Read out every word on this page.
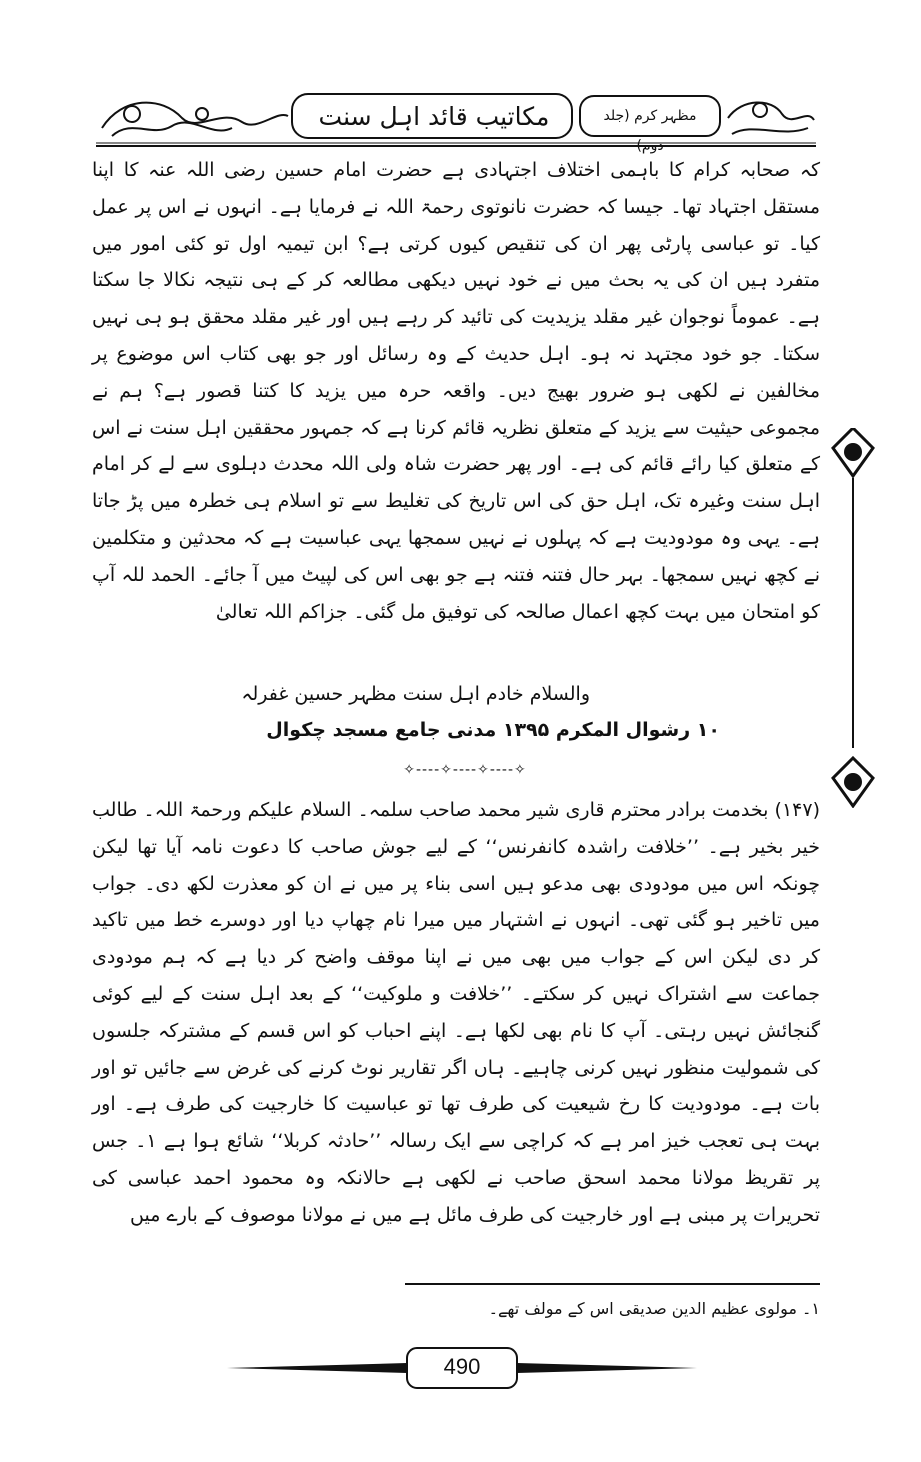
مظہر کرم (جلد دوم)
مکاتیب قائد اہل سنت

کہ صحابہ کرام کا باہمی اختلاف اجتہادی ہے حضرت امام حسین رضی اللہ عنہ کا اپنا مستقل اجتہاد تھا۔ جیسا کہ حضرت نانوتوی رحمۃ اللہ نے فرمایا ہے۔ انہوں نے اس پر عمل کیا۔ تو عباسی پارٹی پھر ان کی تنقیص کیوں کرتی ہے؟ ابن تیمیہ اول تو کئی امور میں متفرد ہیں ان کی یہ بحث میں نے خود نہیں دیکھی مطالعہ کر کے ہی نتیجہ نکالا جا سکتا ہے۔ عموماً نوجوان غیر مقلد یزیدیت کی تائید کر رہے ہیں اور غیر مقلد محقق ہو ہی نہیں سکتا۔ جو خود مجتہد نہ ہو۔ اہل حدیث کے وہ رسائل اور جو بھی کتاب اس موضوع پر مخالفین نے لکھی ہو ضرور بھیج دیں۔ واقعہ حرہ میں یزید کا کتنا قصور ہے؟ ہم نے مجموعی حیثیت سے یزید کے متعلق نظریہ قائم کرنا ہے کہ جمہور محققین اہل سنت نے اس کے متعلق کیا رائے قائم کی ہے۔ اور پھر حضرت شاہ ولی اللہ محدث دہلوی سے لے کر امام اہل سنت وغیرہ تک، اہل حق کی اس تاریخ کی تغلیط سے تو اسلام ہی خطرہ میں پڑ جاتا ہے۔ یہی وہ مودودیت ہے کہ پہلوں نے نہیں سمجھا یہی عباسیت ہے کہ محدثین و متکلمین نے کچھ نہیں سمجھا۔ بہر حال فتنہ فتنہ ہے جو بھی اس کی لپیٹ میں آ جائے۔ الحمد للہ آپ کو امتحان میں بہت کچھ اعمال صالحہ کی توفیق مل گئی۔ جزاکم اللہ تعالیٰ

والسلام خادم اہل سنت مظہر حسین غفرلہ
۱۰ رشوال المکرم ۱۳۹۵ مدنی جامع مسجد چکوال
✧----✧----✧----✧

(۱۴۷) بخدمت برادر محترم قاری شیر محمد صاحب سلمہ۔ السلام علیکم ورحمۃ اللہ۔ طالب خیر بخیر ہے۔ ’’خلافت راشدہ کانفرنس‘‘ کے لیے جوش صاحب کا دعوت نامہ آیا تھا لیکن چونکہ اس میں مودودی بھی مدعو ہیں اسی بناء پر میں نے ان کو معذرت لکھ دی۔ جواب میں تاخیر ہو گئی تھی۔ انہوں نے اشتہار میں میرا نام چھاپ دیا اور دوسرے خط میں تاکید کر دی لیکن اس کے جواب میں بھی میں نے اپنا موقف واضح کر دیا ہے کہ ہم مودودی جماعت سے اشتراک نہیں کر سکتے۔ ’’خلافت و ملوکیت‘‘ کے بعد اہل سنت کے لیے کوئی گنجائش نہیں رہتی۔ آپ کا نام بھی لکھا ہے۔ اپنے احباب کو اس قسم کے مشترکہ جلسوں کی شمولیت منظور نہیں کرنی چاہیے۔ ہاں اگر تقاریر نوٹ کرنے کی غرض سے جائیں تو اور بات ہے۔ مودودیت کا رخ شیعیت کی طرف تھا تو عباسیت کا خارجیت کی طرف ہے۔ اور بہت ہی تعجب خیز امر ہے کہ کراچی سے ایک رسالہ ’’حادثہ کربلا‘‘ شائع ہوا ہے ۱۔ جس پر تقریظ مولانا محمد اسحق صاحب نے لکھی ہے حالانکہ وہ محمود احمد عباسی کی تحریرات پر مبنی ہے اور خارجیت کی طرف مائل ہے میں نے مولانا موصوف کے بارے میں

۱۔ مولوی عظیم الدین صدیقی اس کے مولف تھے۔
490
